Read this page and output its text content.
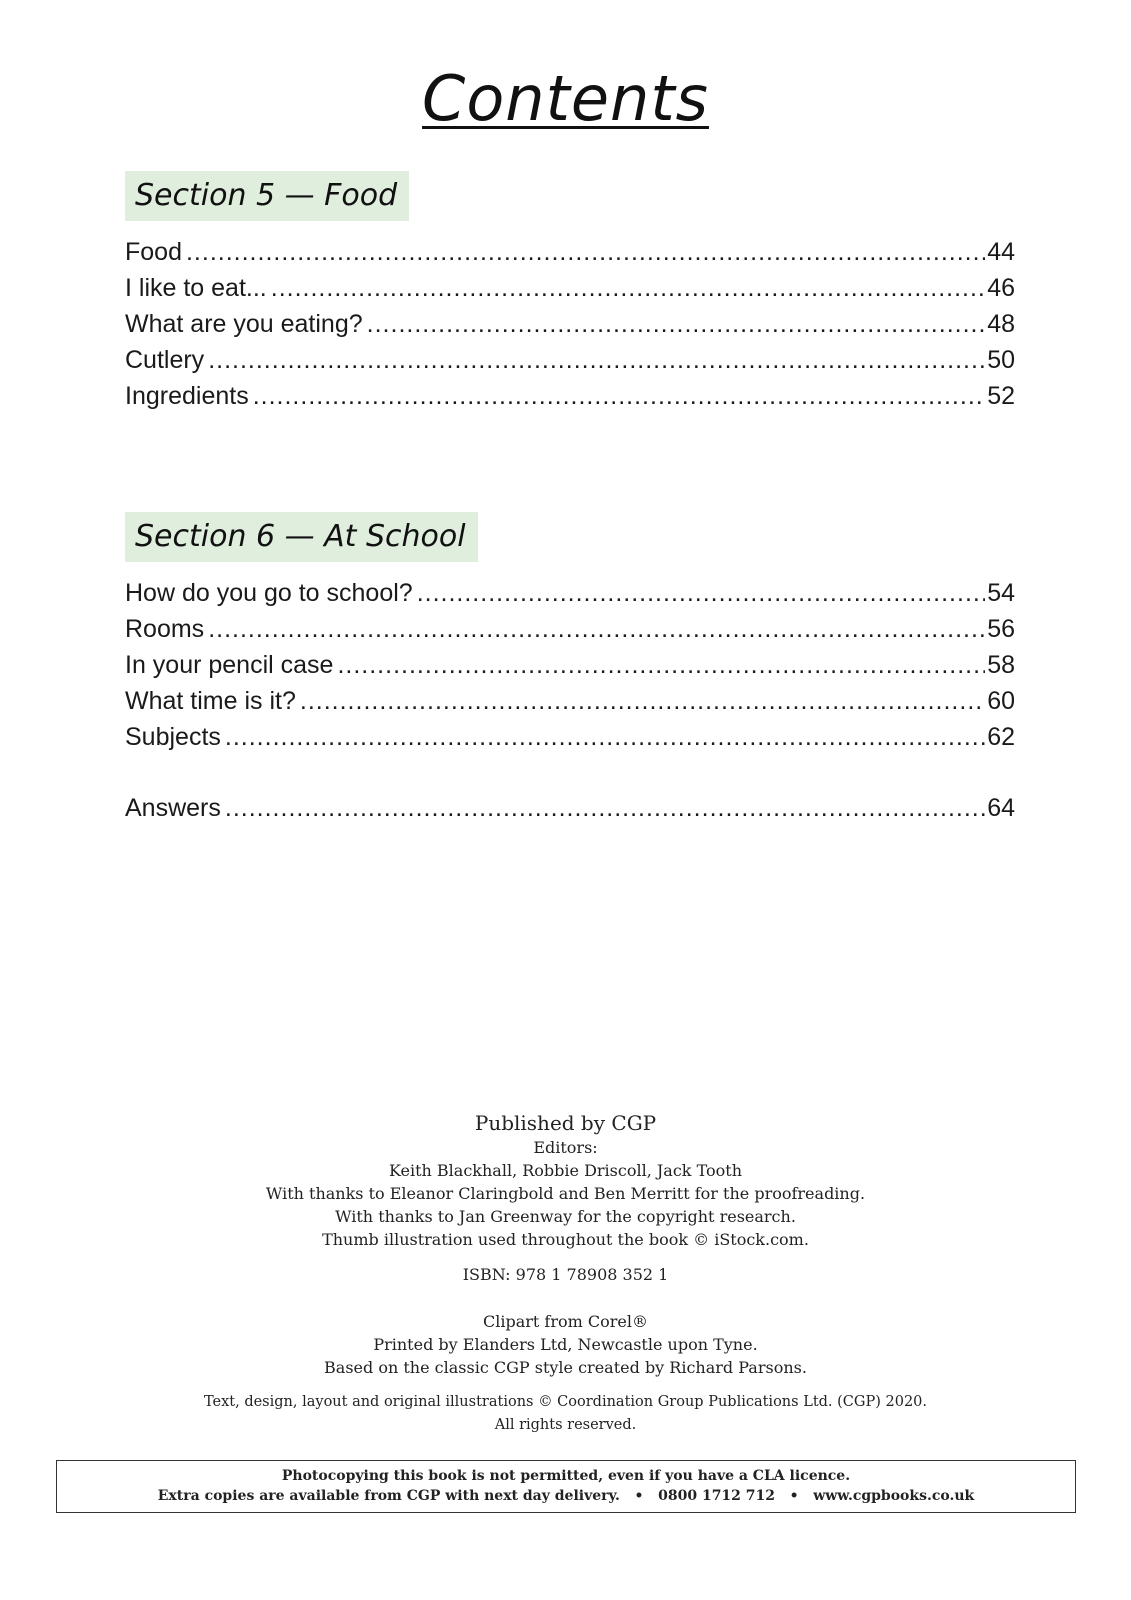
Contents
Section 5 — Food
Food .....	44
I like to eat... .....	46
What are you eating? .....	48
Cutlery .....	50
Ingredients .....	52
Section 6 — At School
How do you go to school? .....	54
Rooms .....	56
In your pencil case .....	58
What time is it? .....	60
Subjects .....	62
Answers .....	64
Published by CGP
Editors:
Keith Blackhall, Robbie Driscoll, Jack Tooth
With thanks to Eleanor Claringbold and Ben Merritt for the proofreading.
With thanks to Jan Greenway for the copyright research.
Thumb illustration used throughout the book © iStock.com.
ISBN: 978 1 78908 352 1
Clipart from Corel®
Printed by Elanders Ltd, Newcastle upon Tyne.
Based on the classic CGP style created by Richard Parsons.
Text, design, layout and original illustrations © Coordination Group Publications Ltd. (CGP) 2020.
All rights reserved.
Photocopying this book is not permitted, even if you have a CLA licence.
Extra copies are available from CGP with next day delivery.   •   0800 1712 712   •   www.cgpbooks.co.uk
